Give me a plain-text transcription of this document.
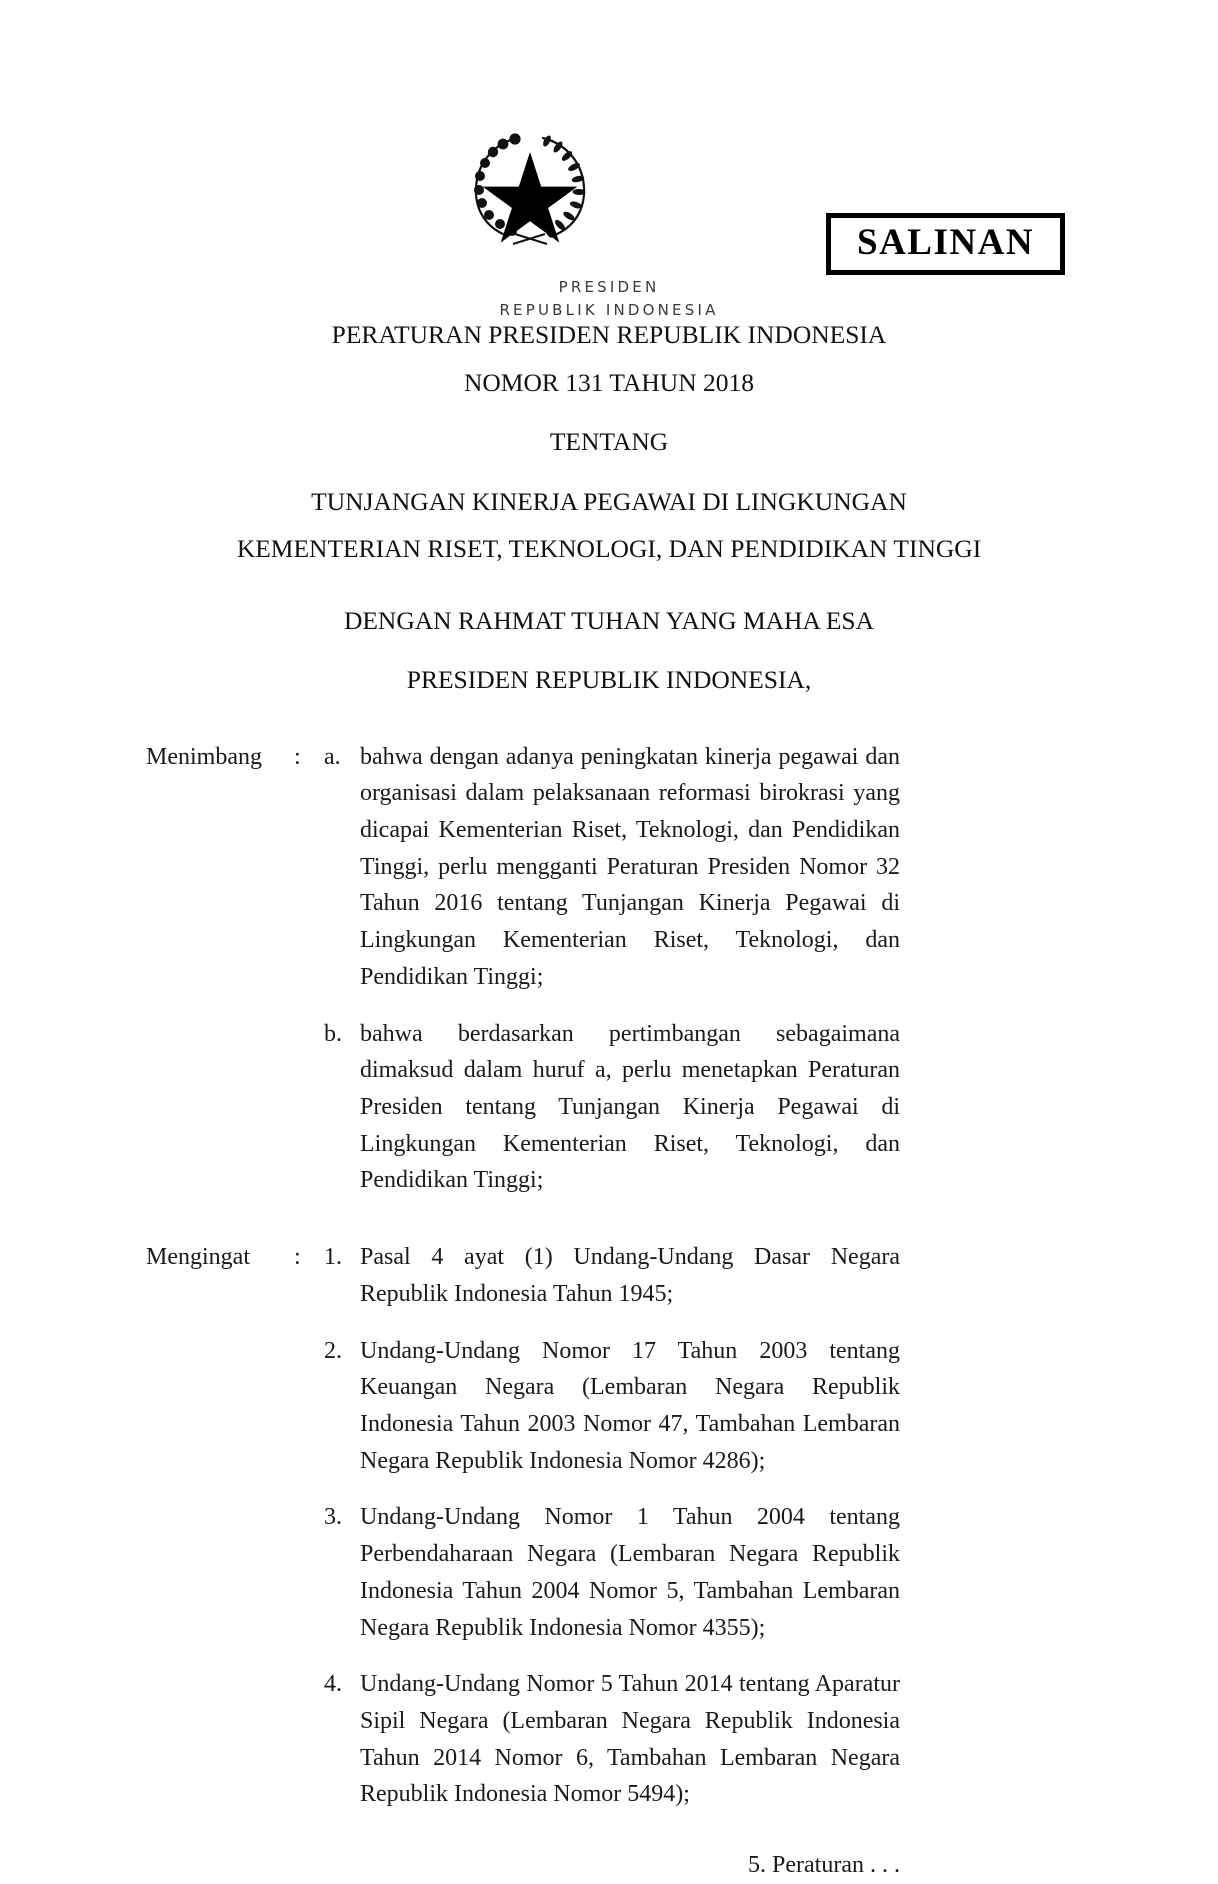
SALINAN
PRESIDEN
REPUBLIK INDONESIA
PERATURAN PRESIDEN REPUBLIK INDONESIA
NOMOR 131 TAHUN 2018
TENTANG
TUNJANGAN KINERJA PEGAWAI DI LINGKUNGAN
KEMENTERIAN RISET, TEKNOLOGI, DAN PENDIDIKAN TINGGI
DENGAN RAHMAT TUHAN YANG MAHA ESA
PRESIDEN REPUBLIK INDONESIA,
Menimbang	: a. bahwa dengan adanya peningkatan kinerja pegawai dan organisasi dalam pelaksanaan reformasi birokrasi yang dicapai Kementerian Riset, Teknologi, dan Pendidikan Tinggi, perlu mengganti Peraturan Presiden Nomor 32 Tahun 2016 tentang Tunjangan Kinerja Pegawai di Lingkungan Kementerian Riset, Teknologi, dan Pendidikan Tinggi;
b. bahwa berdasarkan pertimbangan sebagaimana dimaksud dalam huruf a, perlu menetapkan Peraturan Presiden tentang Tunjangan Kinerja Pegawai di Lingkungan Kementerian Riset, Teknologi, dan Pendidikan Tinggi;
Mengingat	: 1. Pasal 4 ayat (1) Undang-Undang Dasar Negara Republik Indonesia Tahun 1945;
2. Undang-Undang Nomor 17 Tahun 2003 tentang Keuangan Negara (Lembaran Negara Republik Indonesia Tahun 2003 Nomor 47, Tambahan Lembaran Negara Republik Indonesia Nomor 4286);
3. Undang-Undang Nomor 1 Tahun 2004 tentang Perbendaharaan Negara (Lembaran Negara Republik Indonesia Tahun 2004 Nomor 5, Tambahan Lembaran Negara Republik Indonesia Nomor 4355);
4. Undang-Undang Nomor 5 Tahun 2014 tentang Aparatur Sipil Negara (Lembaran Negara Republik Indonesia Tahun 2014 Nomor 6, Tambahan Lembaran Negara Republik Indonesia Nomor 5494);
5. Peraturan . . .
